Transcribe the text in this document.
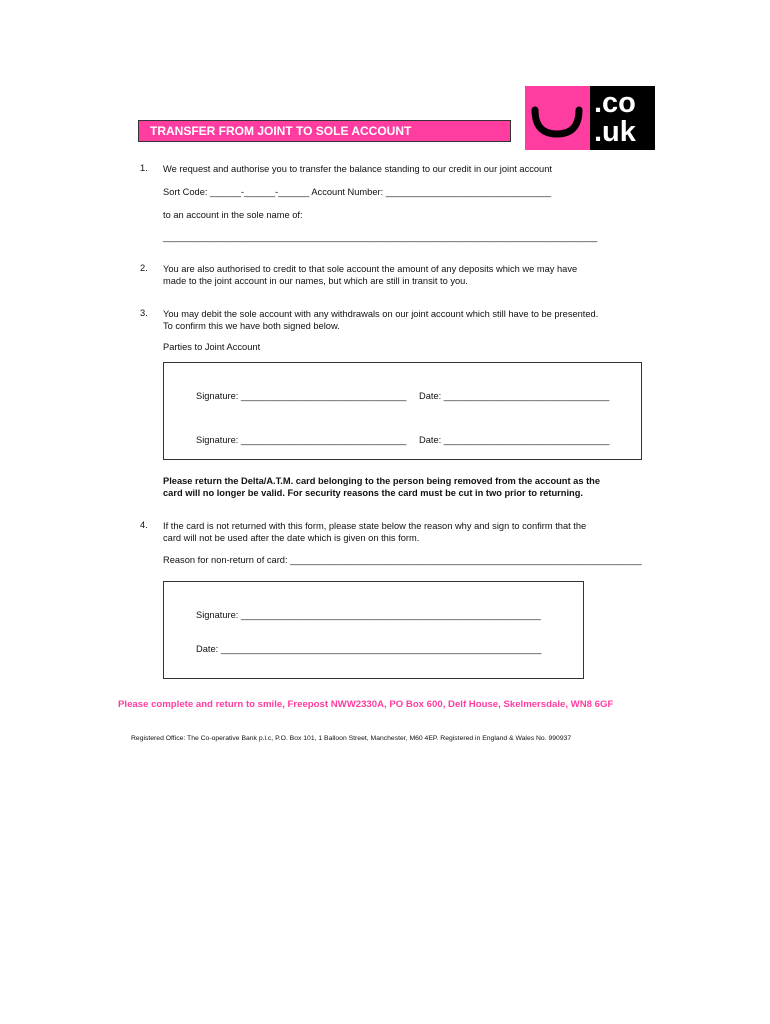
.co
.uk
TRANSFER FROM JOINT TO SOLE ACCOUNT
1. We request and authorise you to transfer the balance standing to our credit in our joint account
Sort Code: ______-______-______ Account Number: ________________________________
to an account in the sole name of:
____________________________________________________________________________________
2. You are also authorised to credit to that sole account the amount of any deposits which we may have
made to the joint account in our names, but which are still in transit to you.
3. You may debit the sole account with any withdrawals on our joint account which still have to be presented.
To confirm this we have both signed below.
Parties to Joint Account
Signature: ________________________________ Date: ________________________________
Signature: ________________________________ Date: ________________________________
Please return the Delta/A.T.M. card belonging to the person being removed from the account as the
card will no longer be valid. For security reasons the card must be cut in two prior to returning.
4. If the card is not returned with this form, please state below the reason why and sign to confirm that the
card will not be used after the date which is given on this form.
Reason for non-return of card: ____________________________________________________________________
Signature: __________________________________________________________
Date: ______________________________________________________________
Please complete and return to smile, Freepost NWW2330A, PO Box 600, Delf House, Skelmersdale, WN8 6GF
Registered Office: The Co-operative Bank p.l.c, P.O. Box 101, 1 Balloon Street, Manchester, M60 4EP. Registered in England & Wales No. 990937
